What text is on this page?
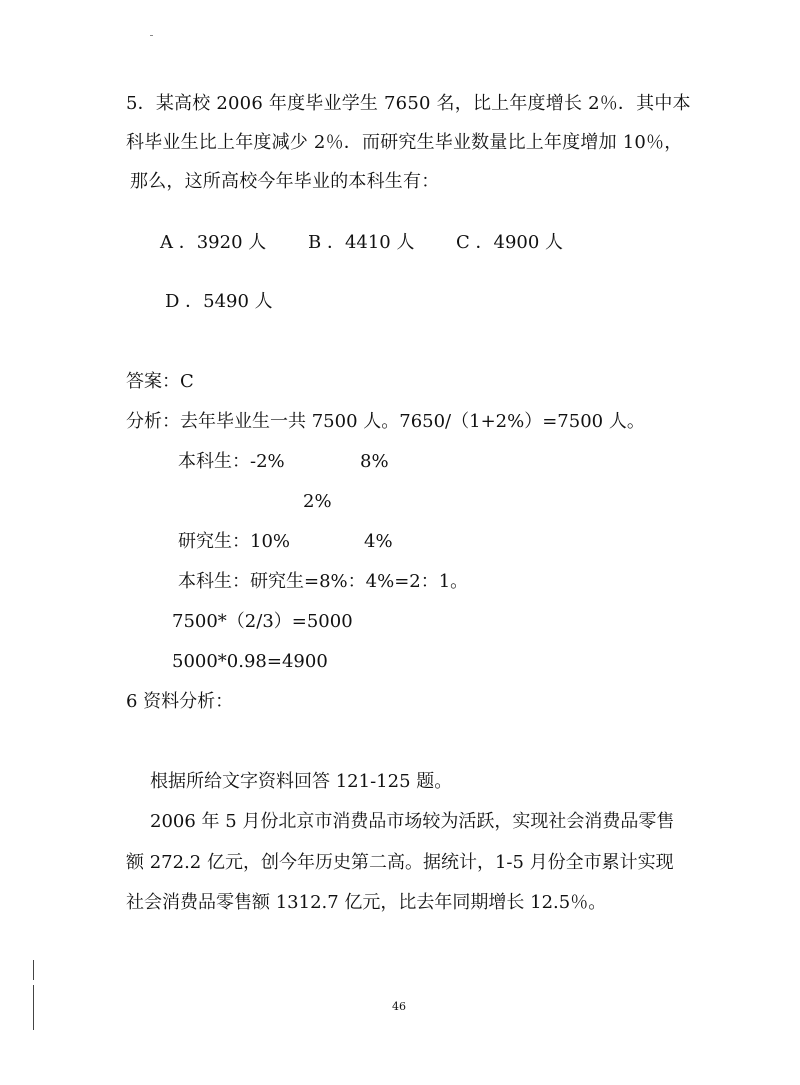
5．某高校 2006 年度毕业学生 7650 名，比上年度增长 2％．其中本
科毕业生比上年度减少 2％．而研究生毕业数量比上年度增加 10％，
那么，这所高校今年毕业的本科生有：
A ．3920 人 B ．4410 人 C ．4900 人
D ．5490 人
答案：C
分析：去年毕业生一共 7500 人。7650/（1+2%）=7500 人。
本科生：-2%	8%
2%
研究生：10%	4%
本科生：研究生=8%：4%=2：1。
7500*（2/3）=5000
5000*0.98=4900
6 资料分析：
根据所给文字资料回答 121-125 题。
2006 年 5 月份北京市消费品市场较为活跃，实现社会消费品零售
额 272.2 亿元，创今年历史第二高。据统计，1-5 月份全市累计实现
社会消费品零售额 1312.7 亿元，比去年同期增长 12.5％。
46
